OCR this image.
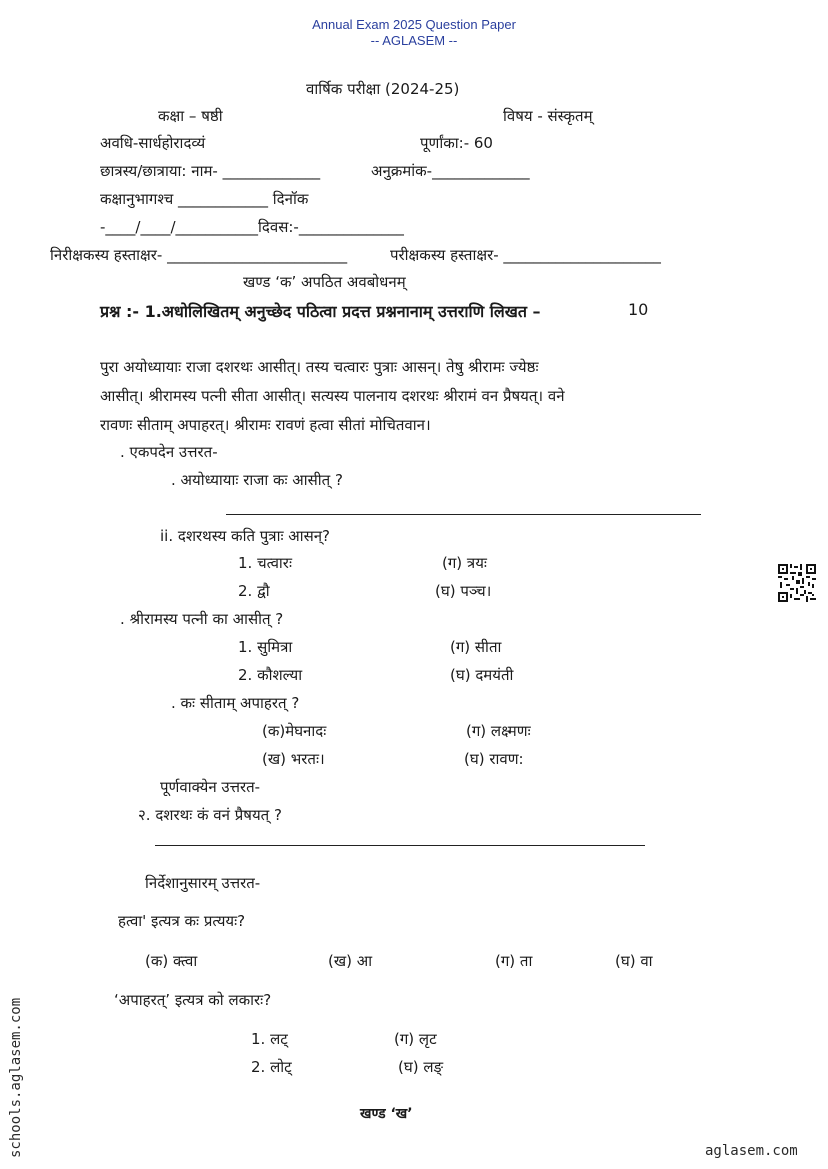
Annual Exam 2025 Question Paper
-- AGLASEM --
वार्षिक परीक्षा (2024-25)
कक्षा – षष्ठी	विषय - संस्कृतम्
अवधि-सार्धहोरादव्यं	पूर्णांका:- 60
छात्रस्य/छात्राया: नाम- _____________	अनुक्रमांक-_____________
कक्षानुभागश्च ____________ दिनॉक
-____/____/___________दिवस:-______________
निरीक्षकस्य हस्ताक्षर- ________________________	परीक्षकस्य हस्ताक्षर- _____________________
खण्ड ‘क’ अपठित अवबोधनम्
प्रश्न :- 1.अधोलिखितम् अनुच्छेद पठित्वा प्रदत्त प्रश्ननानाम् उत्तराणि लिखत –	10
पुरा अयोध्यायाः राजा दशरथः आसीत्। तस्य चत्वारः पुत्राः आसन्। तेषु श्रीरामः ज्येष्ठः
आसीत्। श्रीरामस्य पत्नी सीता आसीत्। सत्यस्य पालनाय दशरथः श्रीरामं वन प्रैषयत्। वने
रावणः सीताम् अपाहरत्। श्रीरामः रावणं हत्वा सीतां मोचितवान।
. एकपदेन उत्तरत-
. अयोध्यायाः राजा कः आसीत् ?
ii. दशरथस्य कति पुत्राः आसन्?
1. चत्वारः	(ग) त्रयः
2. द्वौ	(घ) पञ्च।
. श्रीरामस्य पत्नी का आसीत् ?
1. सुमित्रा	(ग) सीता
2. कौशल्या	(घ) दमयंती
. कः सीताम् अपाहरत् ?
(क)मेघनादः	(ग) लक्ष्मणः
(ख) भरतः।	(घ) रावण:
पूर्णवाक्येन उत्तरत-
२. दशरथः कं वनं प्रैषयत् ?
निर्देशानुसारम् उत्तरत-
हत्वा' इत्यत्र कः प्रत्ययः?
(क) क्त्वा	(ख) आ	(ग) ता	(घ) वा
‘अपाहरत्’ इत्यत्र को लकारः?
1. लट्	(ग) लृट
2. लोट्	(घ) लङ्
खण्ड ‘ख’
schools.aglasem.com	aglasem.com
